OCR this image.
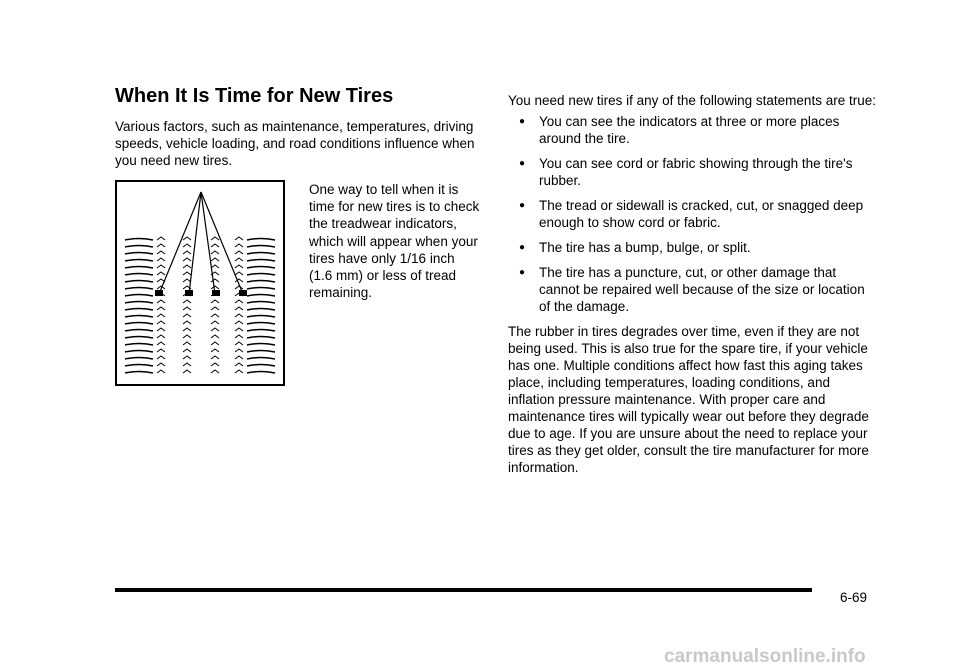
When It Is Time for New Tires

Various factors, such as maintenance, temperatures, driving speeds, vehicle loading, and road conditions influence when you need new tires.

One way to tell when it is time for new tires is to check the treadwear indicators, which will appear when your tires have only 1/16 inch (1.6 mm) or less of tread remaining.

You need new tires if any of the following statements are true:

● You can see the indicators at three or more places around the tire.
● You can see cord or fabric showing through the tire's rubber.
● The tread or sidewall is cracked, cut, or snagged deep enough to show cord or fabric.
● The tire has a bump, bulge, or split.
● The tire has a puncture, cut, or other damage that cannot be repaired well because of the size or location of the damage.

The rubber in tires degrades over time, even if they are not being used. This is also true for the spare tire, if your vehicle has one. Multiple conditions affect how fast this aging takes place, including temperatures, loading conditions, and inflation pressure maintenance. With proper care and maintenance tires will typically wear out before they degrade due to age. If you are unsure about the need to replace your tires as they get older, consult the tire manufacturer for more information.

6-69
carmanualsonline.info
